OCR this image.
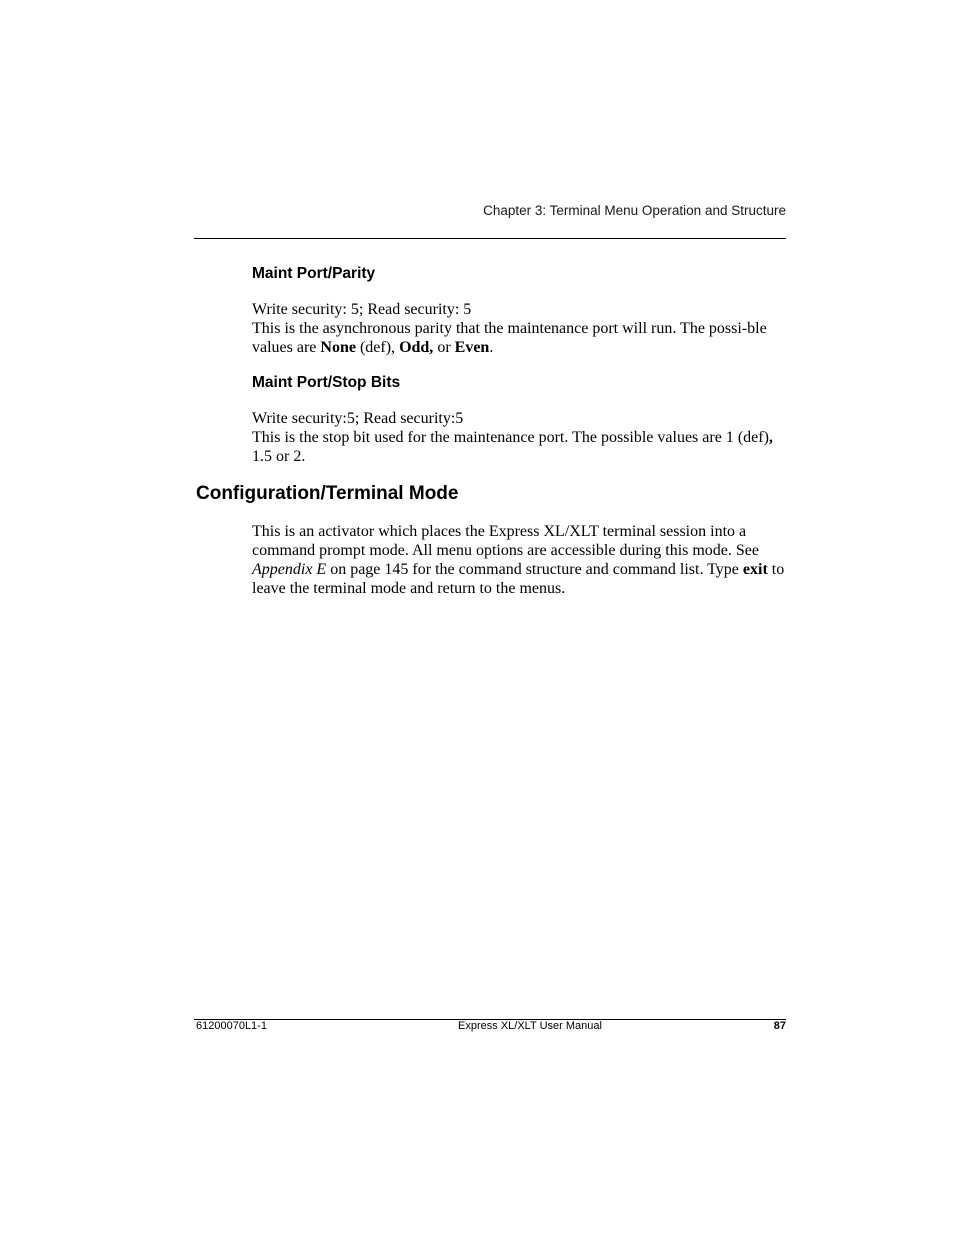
Chapter 3: Terminal Menu Operation and Structure
Maint Port/Parity

Write security: 5; Read security: 5

This is the asynchronous parity that the maintenance port will run. The possi-ble values are None (def), Odd, or Even.

Maint Port/Stop Bits

Write security:5; Read security:5

This is the stop bit used for the maintenance port. The possible values are 1 (def), 1.5 or 2.

Configuration/Terminal Mode

This is an activator which places the Express XL/XLT terminal session into a command prompt mode. All menu options are accessible during this mode. See Appendix E on page 145 for the command structure and command list. Type exit to leave the terminal mode and return to the menus.

61200070L1-1	Express XL/XLT User Manual	87
